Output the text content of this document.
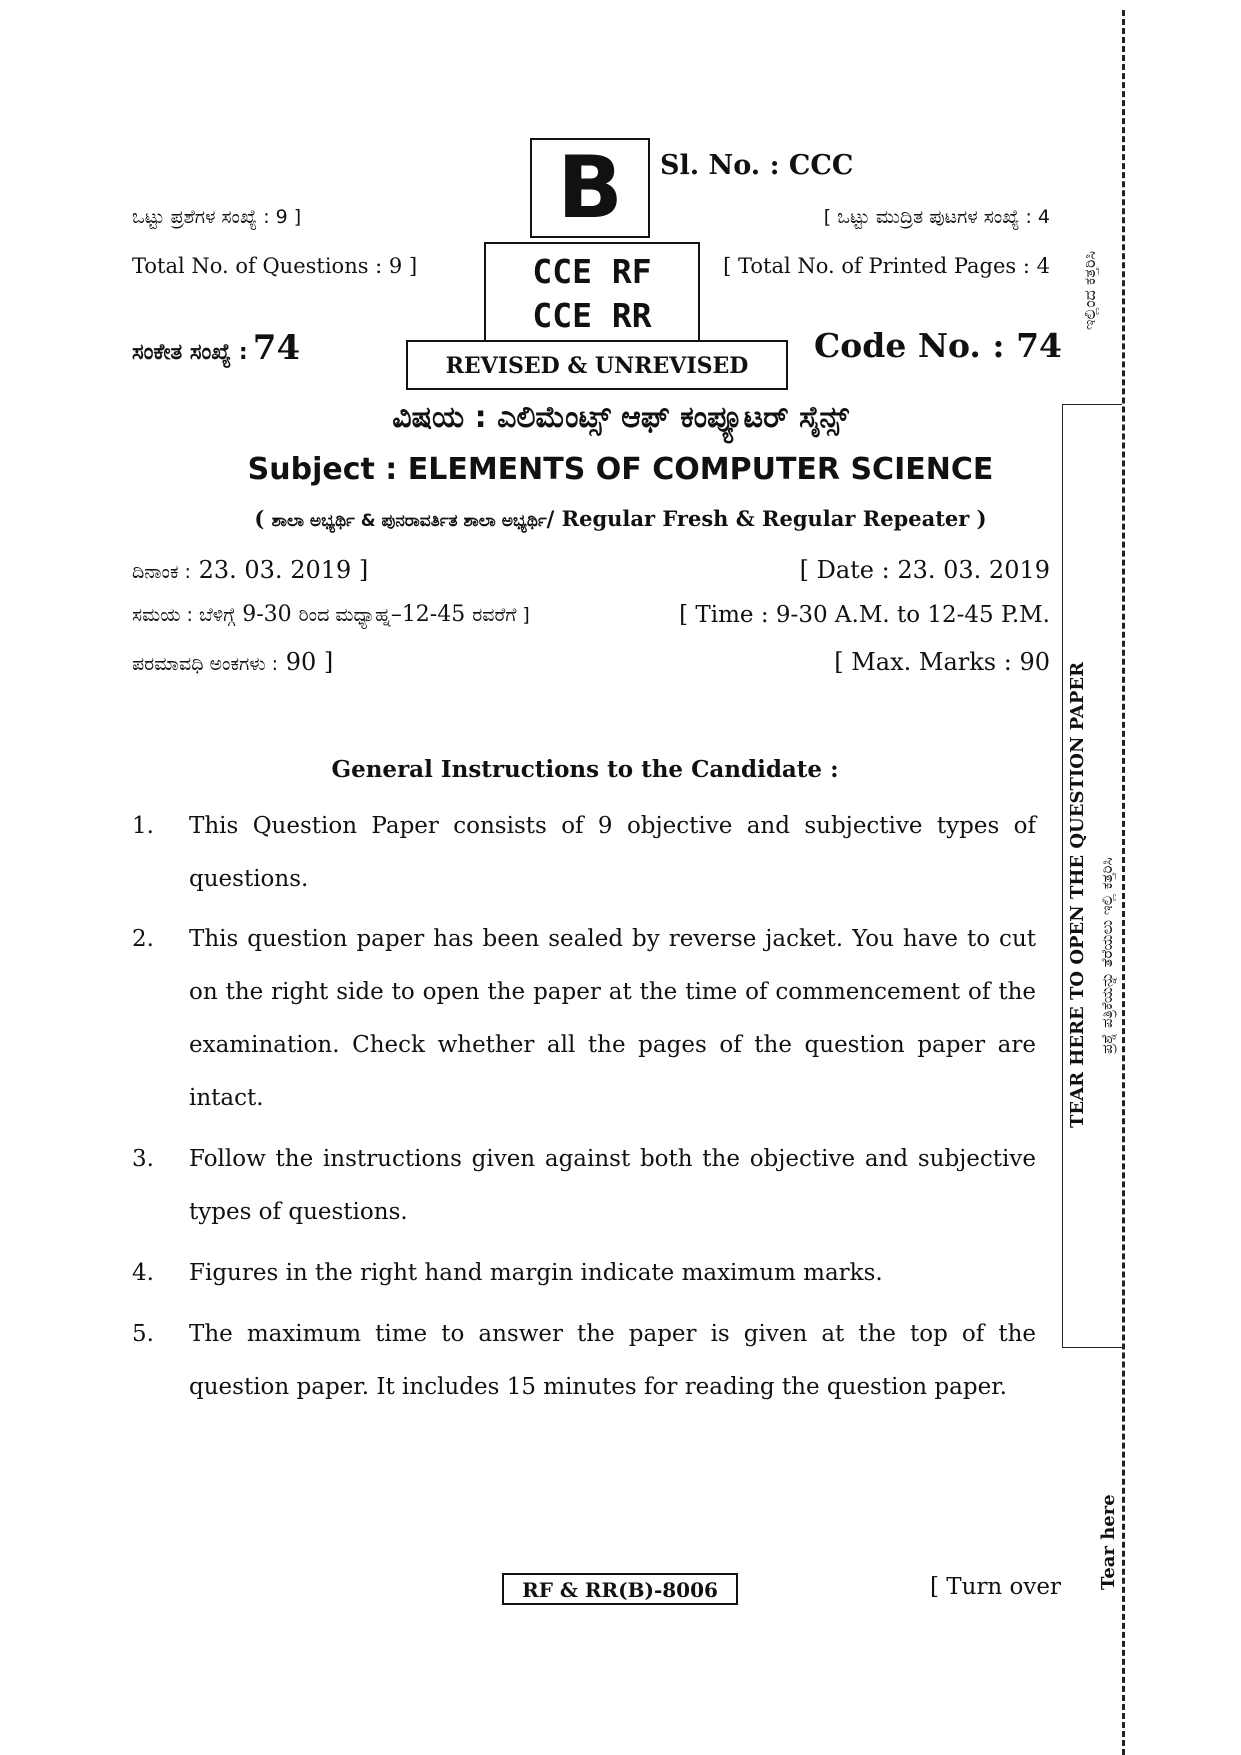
B	Sl. No. : CCC
ಒಟ್ಟು ಪ್ರಶೆಗಳ ಸಂಖ್ಯೆ : 9 ]
Total No. of Questions : 9 ]
[ ಒಟ್ಟು ಮುದ್ರಿತ ಪುಟಗಳ ಸಂಖ್ಯೆ : 4
[ Total No. of Printed Pages : 4
CCE RF
CCE RR
REVISED & UNREVISED
ಸಂಕೇತ ಸಂಖ್ಯೆ : 74	Code No. : 74
ವಿಷಯ : ಎಲಿಮೆಂಟ್ಸ್ ಆಫ್ ಕಂಪ್ಯೂಟರ್ ಸೈನ್ಸ್
Subject : ELEMENTS OF COMPUTER SCIENCE
( ಶಾಲಾ ಅಭ್ಯರ್ಥಿ & ಪುನರಾವರ್ತಿತ ಶಾಲಾ ಅಭ್ಯರ್ಥಿ/ Regular Fresh & Regular Repeater )
ದಿನಾಂಕ : 23. 03. 2019 ]	[ Date : 23. 03. 2019
ಸಮಯ : ಬೆಳಿಗ್ಗೆ 9-30 ರಿಂದ ಮಧ್ಯಾಹ್ನ–12-45 ರವರೆಗೆ ]	[ Time : 9-30 A.M. to 12-45 P.M.
ಪರಮಾವಧಿ ಅಂಕಗಳು : 90 ]	[ Max. Marks : 90
General Instructions to the Candidate :
1. This Question Paper consists of 9 objective and subjective types of questions.
2. This question paper has been sealed by reverse jacket. You have to cut on the right side to open the paper at the time of commencement of the examination. Check whether all the pages of the question paper are intact.
3. Follow the instructions given against both the objective and subjective types of questions.
4. Figures in the right hand margin indicate maximum marks.
5. The maximum time to answer the paper is given at the top of the question paper. It includes 15 minutes for reading the question paper.
RF & RR(B)-8006	[ Turn over
ಇಲ್ಲಿಂದ ಕತ್ತರಿಸಿ
TEAR HERE TO OPEN THE QUESTION PAPER ಪ್ರಶ್ನೆ ಪತ್ರಿಕೆಯನ್ನು ತೆರೆಯಲು ಇಲ್ಲಿ ಕತ್ತರಿಸಿ
Tear here
